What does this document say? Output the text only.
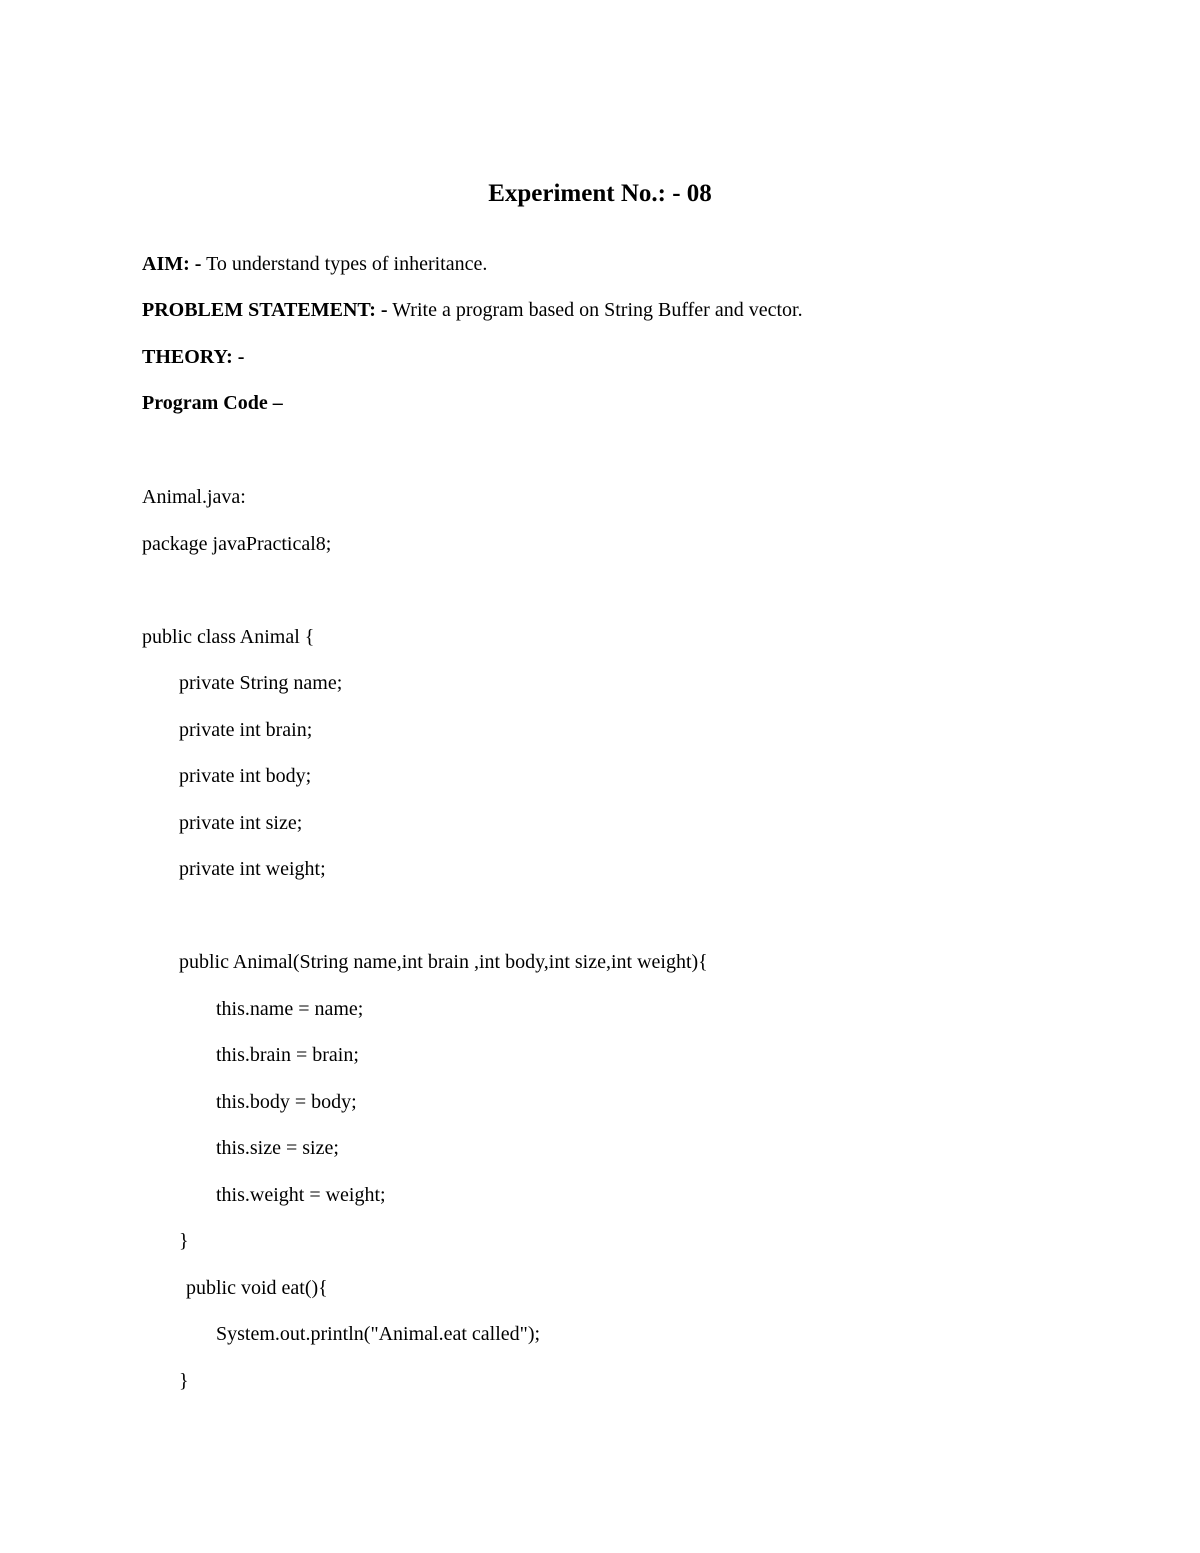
Experiment No.: - 08
AIM: - To understand types of inheritance.
PROBLEM STATEMENT: - Write a program based on String Buffer and vector.
THEORY: -
Program Code –
Animal.java:
package javaPractical8;
public class Animal {
private String name;
private int brain;
private int body;
private int size;
private int weight;
public Animal(String name,int brain ,int body,int size,int weight){
this.name = name;
this.brain = brain;
this.body = body;
this.size = size;
this.weight = weight;
}
public void eat(){
System.out.println("Animal.eat called");
}
